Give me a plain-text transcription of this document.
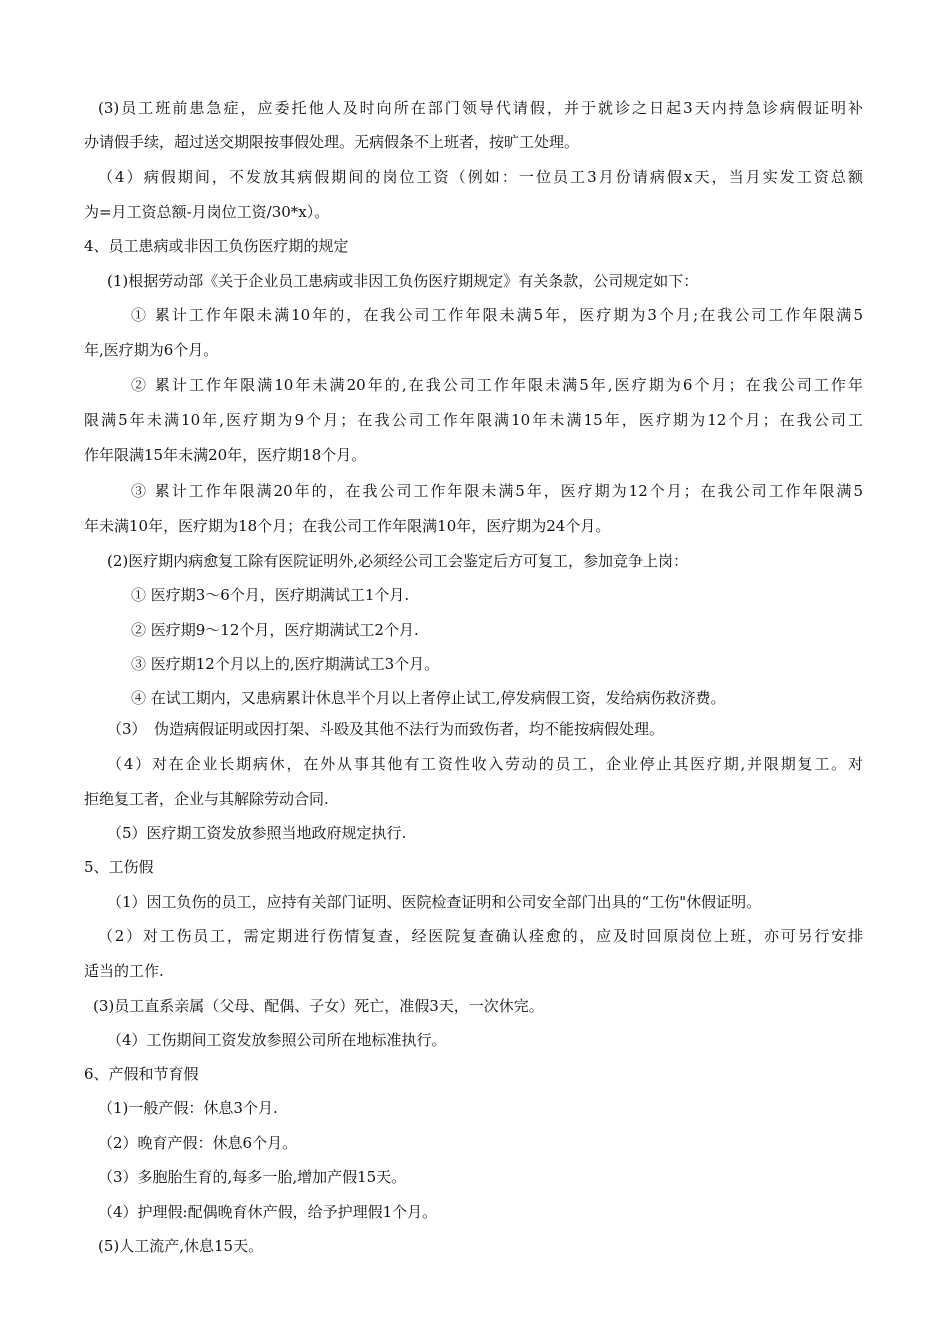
(3)员工班前患急症，应委托他人及时向所在部门领导代请假，并于就诊之日起3天内持急诊病假证明补
办请假手续，超过送交期限按事假处理。无病假条不上班者，按旷工处理。
（4）病假期间，不发放其病假期间的岗位工资（例如：一位员工3月份请病假x天，当月实发工资总额
为=月工资总额-月岗位工资/30*x）。
4、员工患病或非因工负伤医疗期的规定
(1)根据劳动部《关于企业员工患病或非因工负伤医疗期规定》有关条款，公司规定如下：
① 累计工作年限未满10年的，在我公司工作年限未满5年，医疗期为3个月;在我公司工作年限满5
年,医疗期为6个月。
② 累计工作年限满10年未满20年的,在我公司工作年限未满5年,医疗期为6个月；在我公司工作年
限满5年未满10年,医疗期为9个月；在我公司工作年限满10年未满15年，医疗期为12个月；在我公司工
作年限满15年未满20年，医疗期18个月。
③ 累计工作年限满20年的，在我公司工作年限未满5年，医疗期为12个月；在我公司工作年限满5
年未满10年，医疗期为18个月；在我公司工作年限满10年，医疗期为24个月。
(2)医疗期内病愈复工除有医院证明外,必须经公司工会鉴定后方可复工，参加竞争上岗：
① 医疗期3～6个月，医疗期满试工1个月.
② 医疗期9～12个月，医疗期满试工2个月.
③ 医疗期12个月以上的,医疗期满试工3个月。
④ 在试工期内，又患病累计休息半个月以上者停止试工,停发病假工资，发给病伤救济费。
（3）　伪造病假证明或因打架、斗殴及其他不法行为而致伤者，均不能按病假处理。
（4）对在企业长期病休，在外从事其他有工资性收入劳动的员工，企业停止其医疗期,并限期复工。对
拒绝复工者，企业与其解除劳动合同.
（5）医疗期工资发放参照当地政府规定执行.
5、工伤假
（1）因工负伤的员工，应持有关部门证明、医院检查证明和公司安全部门出具的“工伤"休假证明。
（2）对工伤员工，需定期进行伤情复查，经医院复查确认痊愈的，应及时回原岗位上班，亦可另行安排
适当的工作.
(3)员工直系亲属（父母、配偶、子女）死亡，准假3天，一次休完。
（4）工伤期间工资发放参照公司所在地标准执行。
6、产假和节育假
（1)一般产假：休息3个月.
（2）晚育产假：休息6个月。
（3）多胞胎生育的,每多一胎,增加产假15天。
（4）护理假:配偶晚育休产假，给予护理假1个月。
(5)人工流产,休息15天。
